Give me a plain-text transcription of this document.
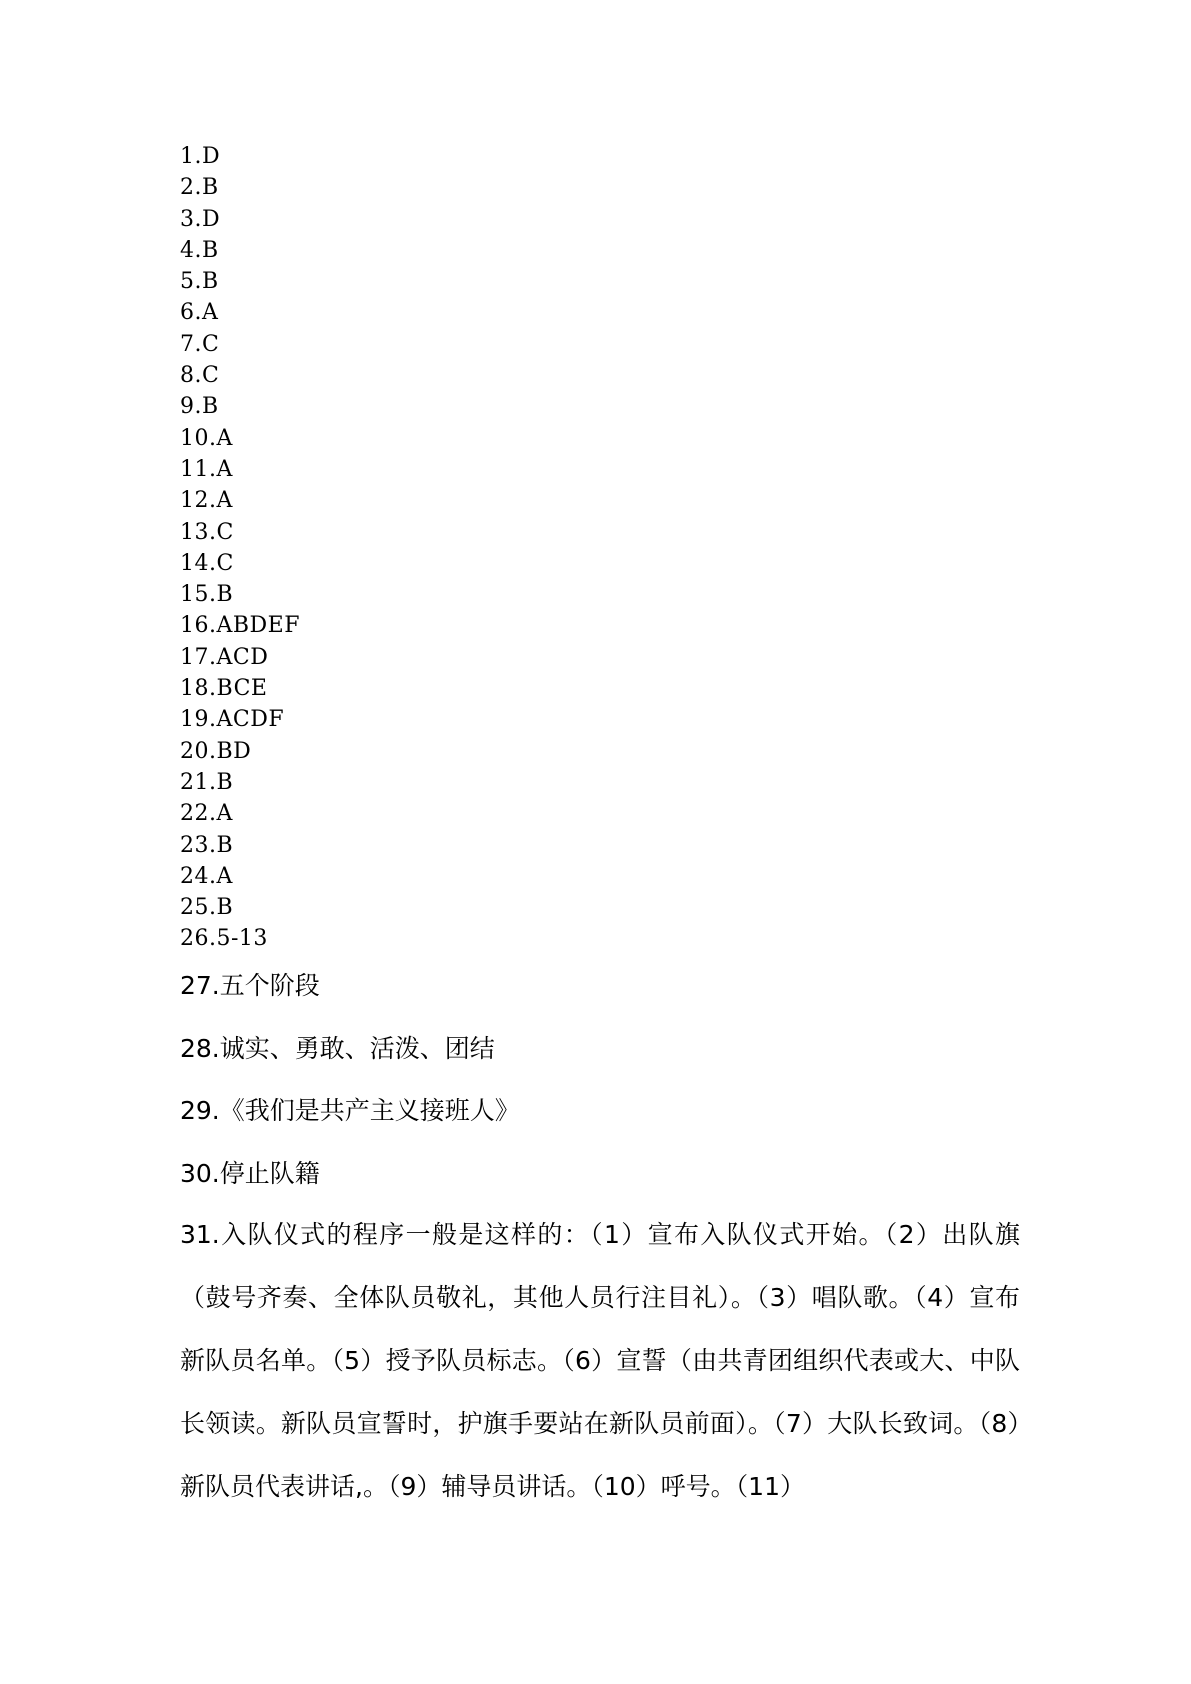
1.D
2.B
3.D
4.B
5.B
6.A
7.C
8.C
9.B
10.A
11.A
12.A
13.C
14.C
15.B
16.ABDEF
17.ACD
18.BCE
19.ACDF
20.BD
21.B
22.A
23.B
24.A
25.B
26.5-13
27.五个阶段
28.诚实、勇敢、活泼、团结
29.《我们是共产主义接班人》
30.停止队籍

31.入队仪式的程序一般是这样的：（1）宣布入队仪式开始。（2）出队旗（鼓号齐奏、全体队员敬礼，其他人员行注目礼）。（3）唱队歌。（4）宣布新队员名单。（5）授予队员标志。（6）宣誓（由共青团组织代表或大、中队长领读。新队员宣誓时，护旗手要站在新队员前面）。（7）大队长致词。（8）新队员代表讲话,。（9）辅导员讲话。（10）呼号。（11）
